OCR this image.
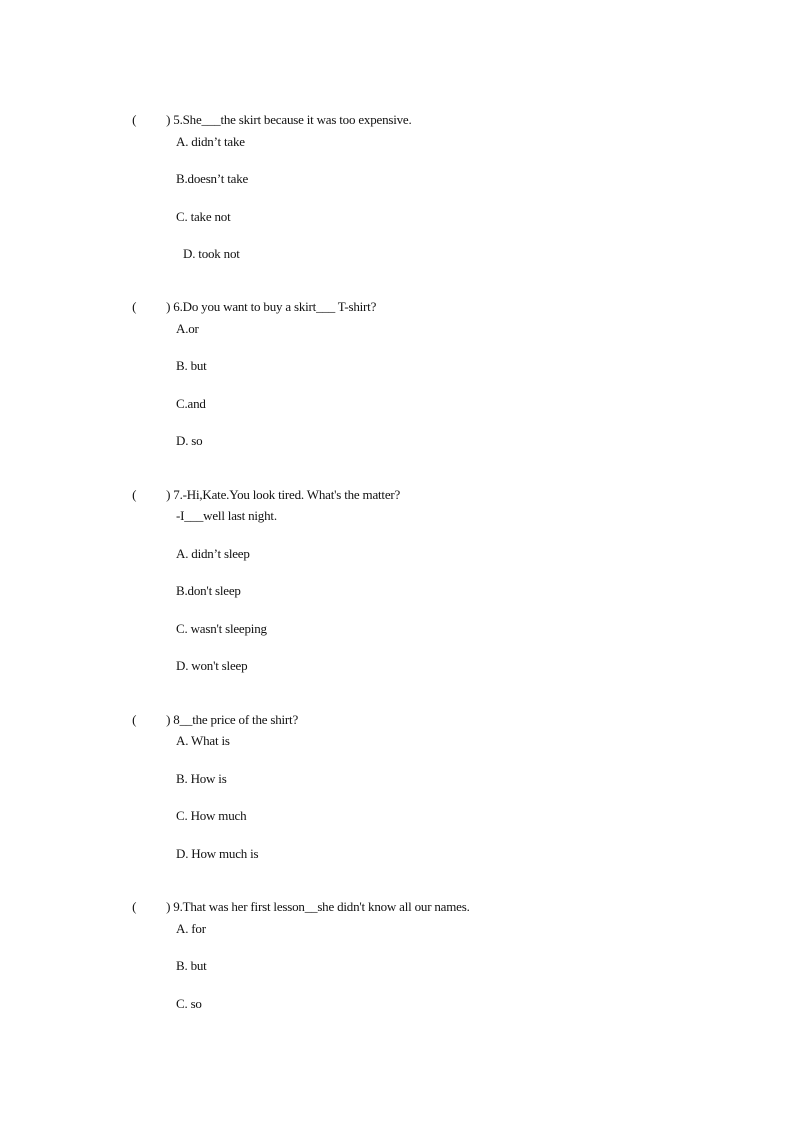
( ) 5.She___the skirt because it was too expensive.

A. didn’t take
B.doesn’t take
C. take not
D. took not

( ) 6.Do you want to buy a skirt___ T-shirt?

A.or
B. but
C.and
D. so

( ) 7.-Hi,Kate.You look tired. What's the matter?

-I___well last night.
A. didn’t sleep
B.don't sleep
C. wasn't sleeping
D. won't sleep

( ) 8__the price of the shirt?

A. What is
B. How is
C. How much
D. How much is

( ) 9.That was her first lesson__she didn't know all our names.

A. for
B. but
C. so
